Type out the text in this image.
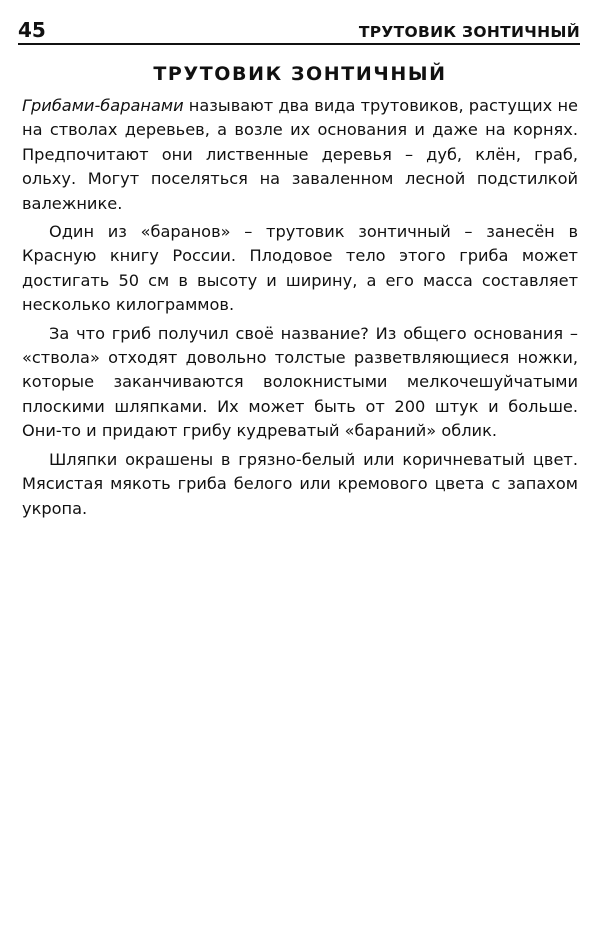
45	ТРУТОВИК ЗОНТИЧНЫЙ
ТРУТОВИК ЗОНТИЧНЫЙ

Грибами-баранами называют два вида трутовиков, растущих не на стволах деревьев, а возле их основания и даже на корнях. Предпочитают они лиственные деревья – дуб, клён, граб, ольху. Могут поселяться на заваленном лесной подстилкой валежнике.

Один из «баранов» – трутовик зонтичный – занесён в Красную книгу России. Плодовое тело этого гриба может достигать 50 см в высоту и ширину, а его масса составляет несколько килограммов.

За что гриб получил своё название? Из общего основания – «ствола» отходят довольно толстые разветвляющиеся ножки, которые заканчиваются волокнистыми мелкочешуйчатыми плоскими шляпками. Их может быть от 200 штук и больше. Они-то и придают грибу кудреватый «бараний» облик.

Шляпки окрашены в грязно-белый или коричневатый цвет. Мясистая мякоть гриба белого или кремового цвета с запахом укропа.
